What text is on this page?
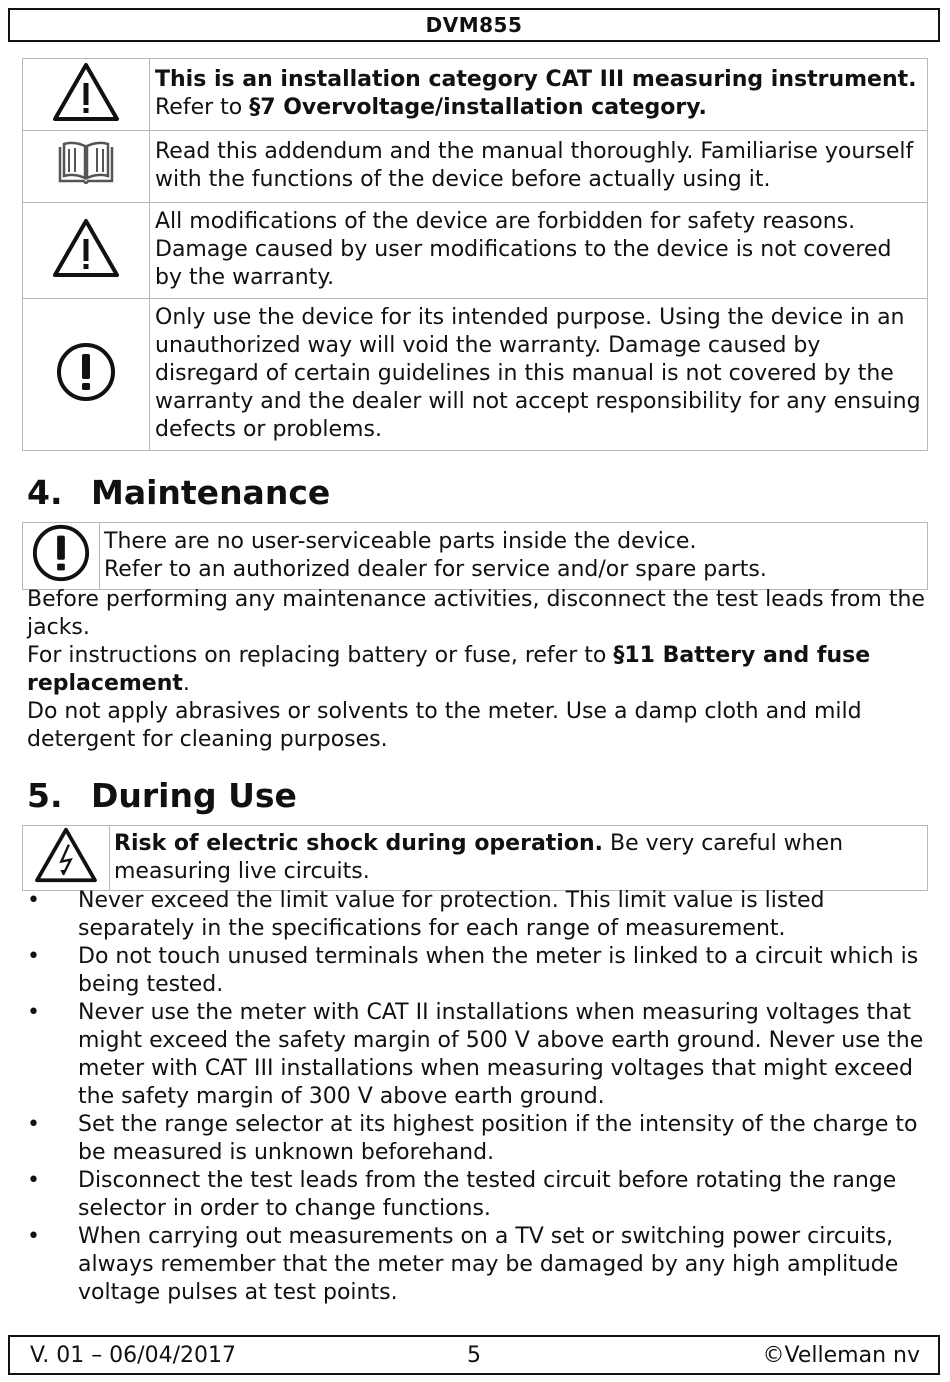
DVM855
	This is an installation category CAT III measuring instrument. Refer to §7 Overvoltage/installation category.
	Read this addendum and the manual thoroughly. Familiarise yourself with the functions of the device before actually using it.
	All modifications of the device are forbidden for safety reasons. Damage caused by user modifications to the device is not covered by the warranty.
	Only use the device for its intended purpose. Using the device in an unauthorized way will void the warranty. Damage caused by disregard of certain guidelines in this manual is not covered by the warranty and the dealer will not accept responsibility for any ensuing defects or problems.
4. Maintenance

There are no user-serviceable parts inside the device.
Refer to an authorized dealer for service and/or spare parts.

Before performing any maintenance activities, disconnect the test leads from the jacks.

For instructions on replacing battery or fuse, refer to §11 Battery and fuse replacement.

Do not apply abrasives or solvents to the meter. Use a damp cloth and mild detergent for cleaning purposes.

5. During Use
	Risk of electric shock during operation. Be very careful when measuring live circuits.
• Never exceed the limit value for protection. This limit value is listed separately in the specifications for each range of measurement.
• Do not touch unused terminals when the meter is linked to a circuit which is being tested.
• Never use the meter with CAT II installations when measuring voltages that might exceed the safety margin of 500 V above earth ground. Never use the meter with CAT III installations when measuring voltages that might exceed the safety margin of 300 V above earth ground.
• Set the range selector at its highest position if the intensity of the charge to be measured is unknown beforehand.
• Disconnect the test leads from the tested circuit before rotating the range selector in order to change functions.
• When carrying out measurements on a TV set or switching power circuits, always remember that the meter may be damaged by any high amplitude voltage pulses at test points.
5
V. 01 – 06/04/2017	©Velleman nv
